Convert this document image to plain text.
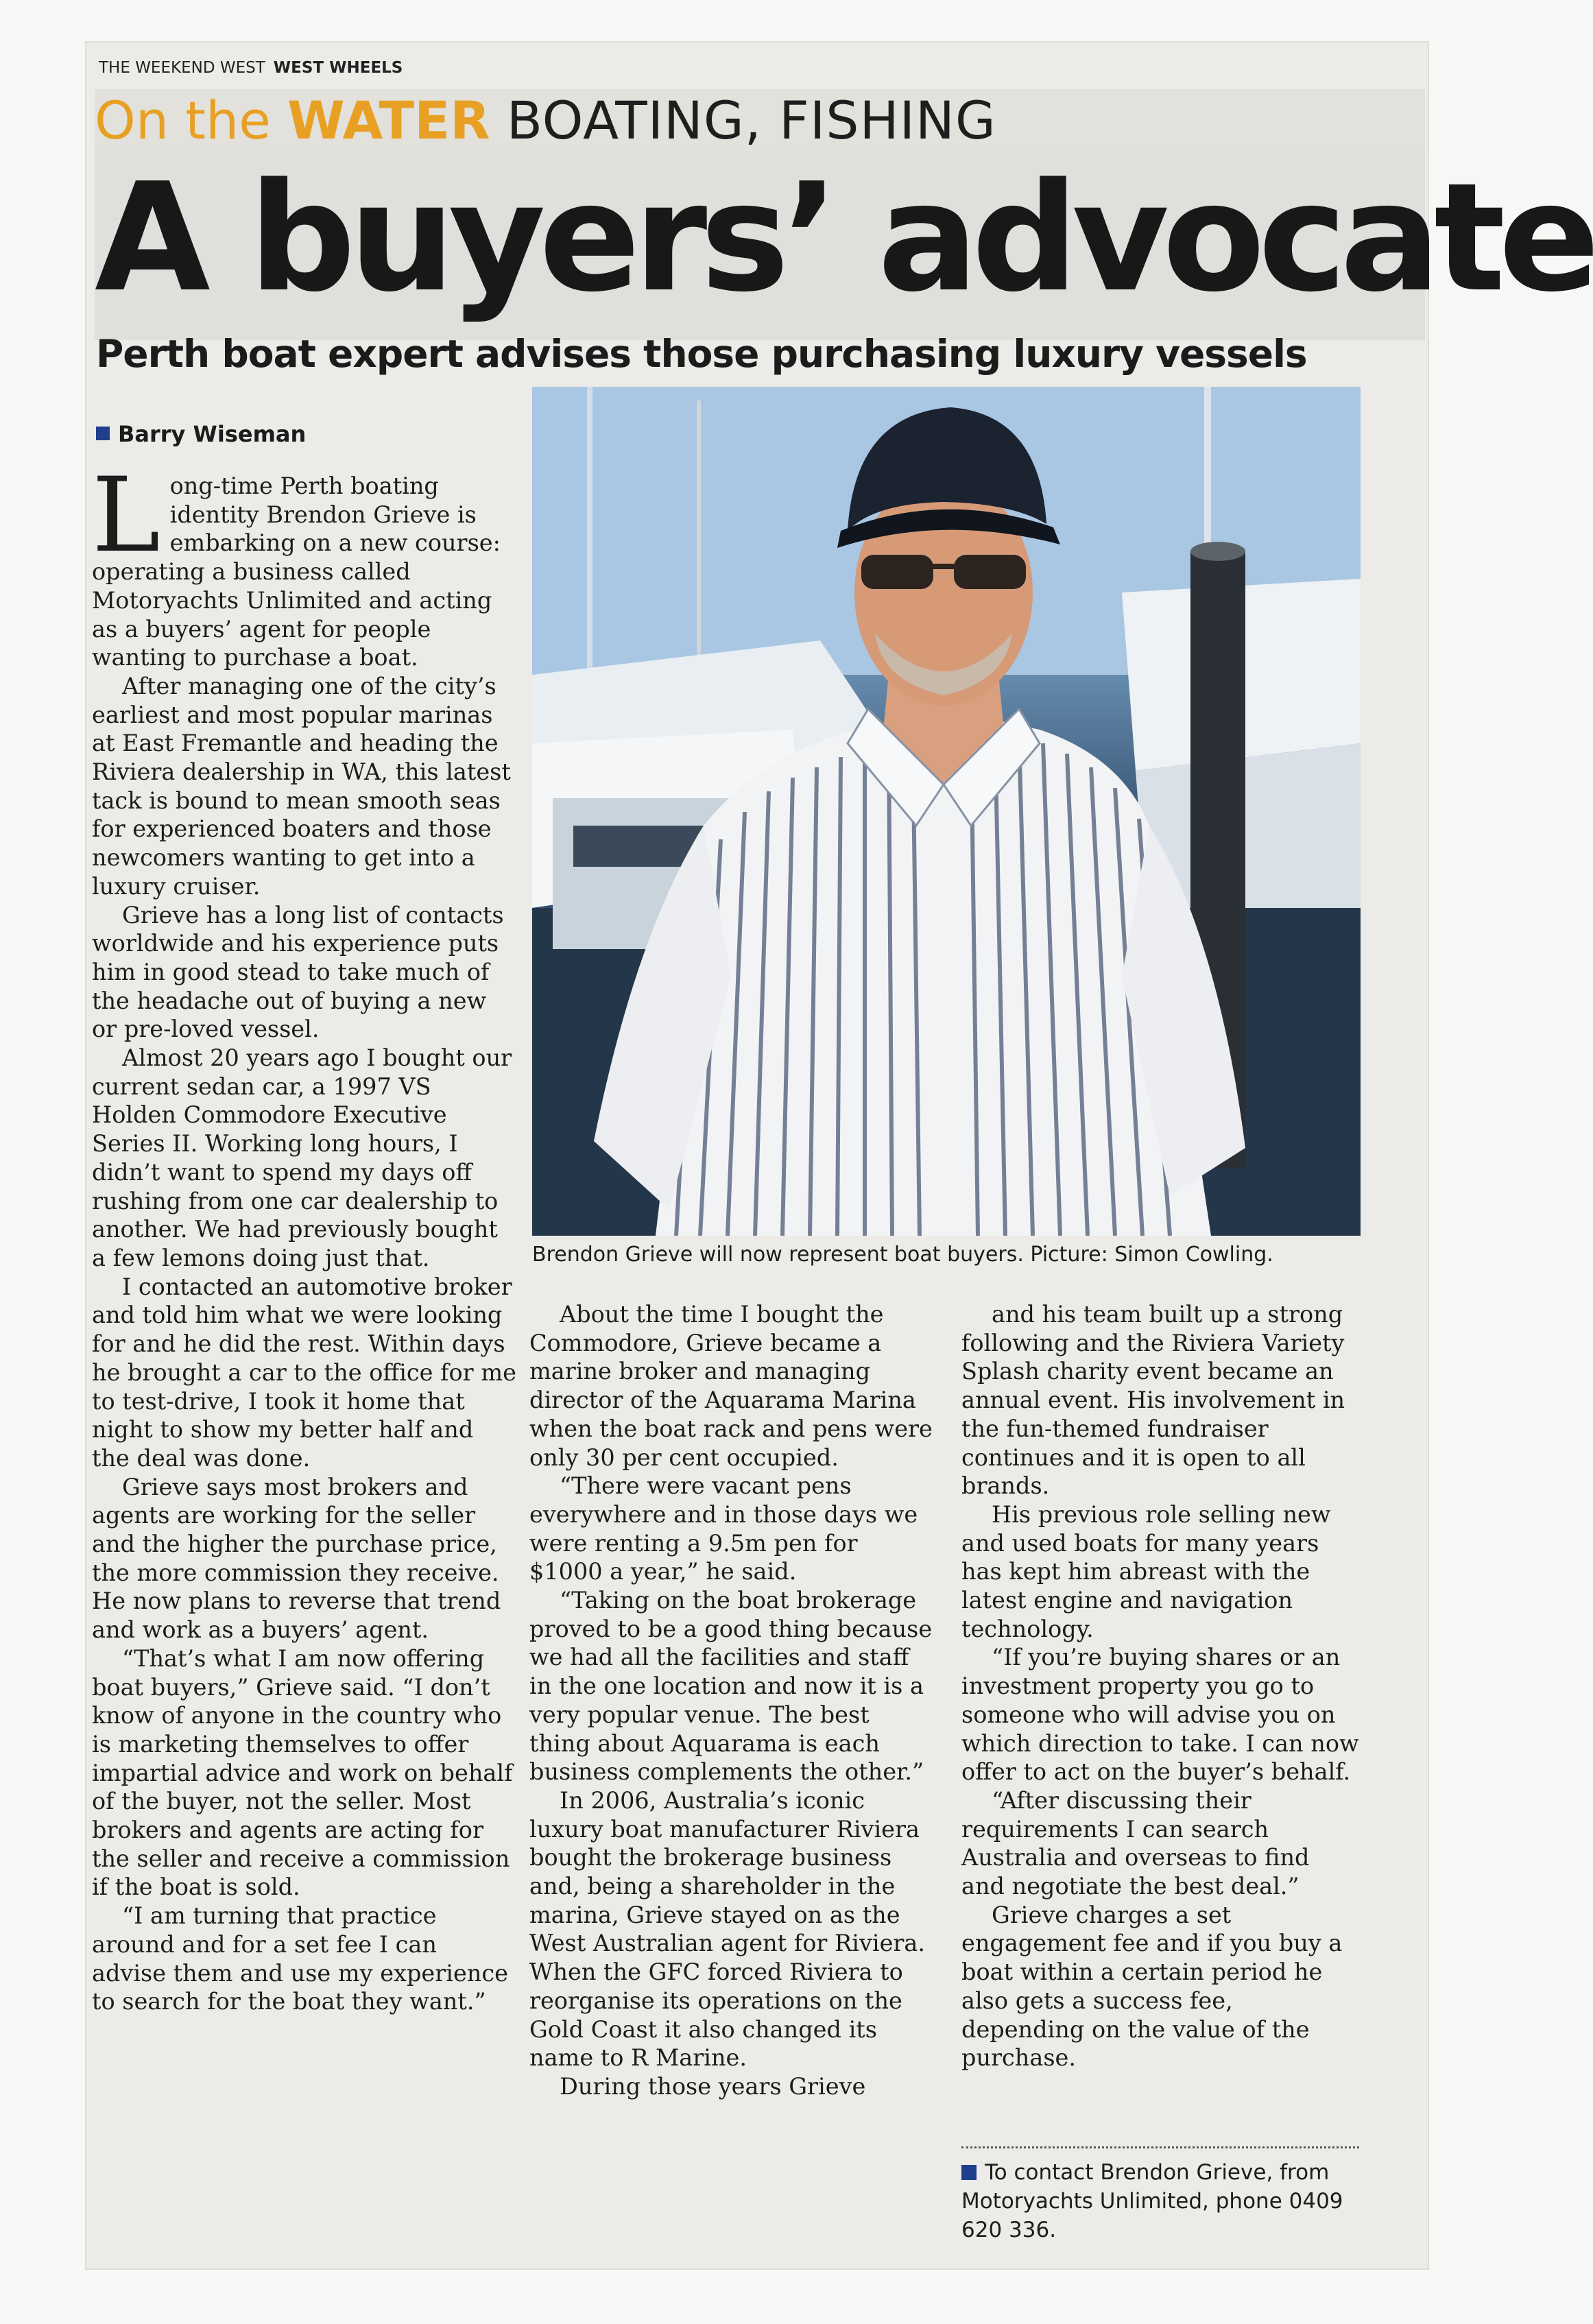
THE WEEKEND WEST WEST WHEELS
On the WATER BOATING, FISHING
A buyers’ advocate
Perth boat expert advises those purchasing luxury vessels
Barry Wiseman

Long-time Perth boating identity Brendon Grieve is embarking on a new course: operating a business called Motoryachts Unlimited and acting as a buyers’ agent for people wanting to purchase a boat.

After managing one of the city’s earliest and most popular marinas at East Fremantle and heading the Riviera dealership in WA, this latest tack is bound to mean smooth seas for experienced boaters and those newcomers wanting to get into a luxury cruiser.

Grieve has a long list of contacts worldwide and his experience puts him in good stead to take much of the headache out of buying a new or pre-loved vessel.

Almost 20 years ago I bought our current sedan car, a 1997 VS Holden Commodore Executive Series II. Working long hours, I didn’t want to spend my days off rushing from one car dealership to another. We had previously bought a few lemons doing just that.

I contacted an automotive broker and told him what we were looking for and he did the rest. Within days he brought a car to the office for me to test-drive, I took it home that night to show my better half and the deal was done.

Grieve says most brokers and agents are working for the seller and the higher the purchase price, the more commission they receive. He now plans to reverse that trend and work as a buyers’ agent.

“That’s what I am now offering boat buyers,” Grieve said. “I don’t know of anyone in the country who is marketing themselves to offer impartial advice and work on behalf of the buyer, not the seller. Most brokers and agents are acting for the seller and receive a commission if the boat is sold.

“I am turning that practice around and for a set fee I can advise them and use my experience to search for the boat they want.”

Brendon Grieve will now represent boat buyers. Picture: Simon Cowling.

About the time I bought the Commodore, Grieve became a marine broker and managing director of the Aquarama Marina when the boat rack and pens were only 30 per cent occupied.

“There were vacant pens everywhere and in those days we were renting a 9.5m pen for $1000 a year,” he said.

“Taking on the boat brokerage proved to be a good thing because we had all the facilities and staff in the one location and now it is a very popular venue. The best thing about Aquarama is each business complements the other.”

In 2006, Australia’s iconic luxury boat manufacturer Riviera bought the brokerage business and, being a shareholder in the marina, Grieve stayed on as the West Australian agent for Riviera. When the GFC forced Riviera to reorganise its operations on the Gold Coast it also changed its name to R Marine.

During those years Grieve

and his team built up a strong following and the Riviera Variety Splash charity event became an annual event. His involvement in the fun-themed fundraiser continues and it is open to all brands.

His previous role selling new and used boats for many years has kept him abreast with the latest engine and navigation technology.

“If you’re buying shares or an investment property you go to someone who will advise you on which direction to take. I can now offer to act on the buyer’s behalf.

“After discussing their requirements I can search Australia and overseas to find and negotiate the best deal.”

Grieve charges a set engagement fee and if you buy a boat within a certain period he also gets a success fee, depending on the value of the purchase.

To contact Brendon Grieve, from Motoryachts Unlimited, phone 0409 620 336.
